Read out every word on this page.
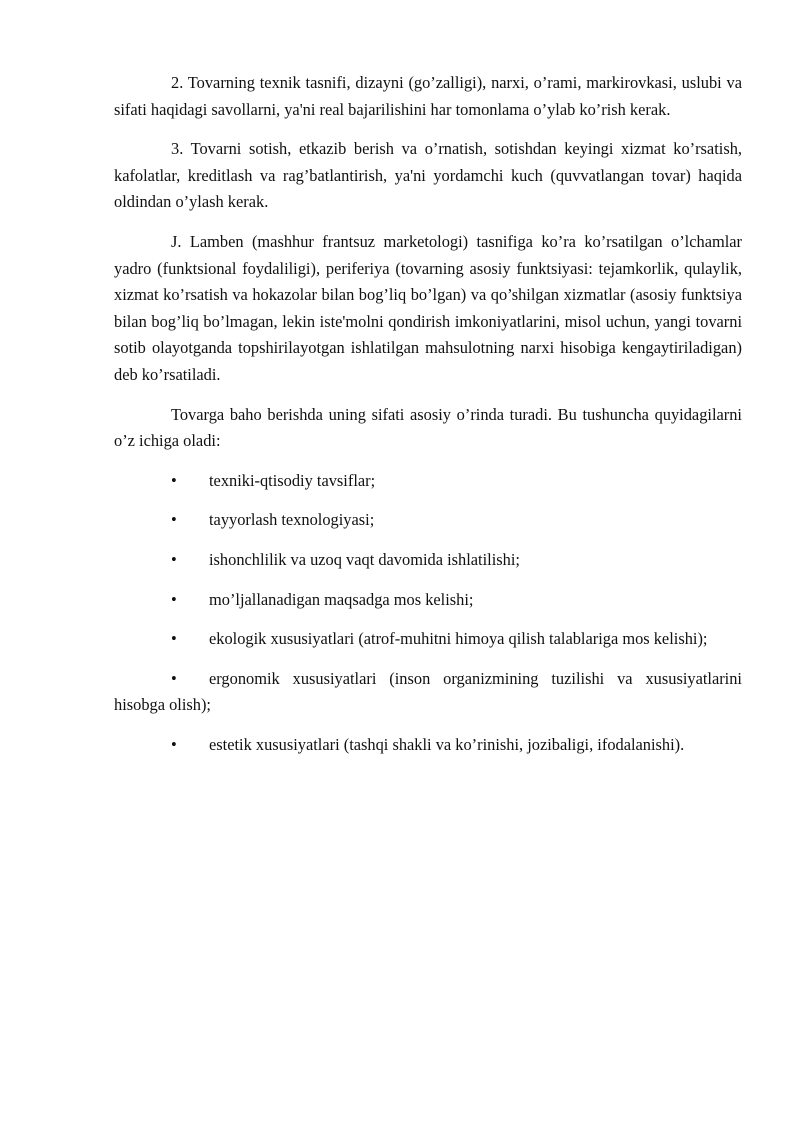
2. Tovarning texnik tasnifi, dizayni (go’zalligi), narxi, o’rami, markirovkasi, uslubi va sifati haqidagi savollarni, ya'ni real bajarilishini har tomonlama o’ylab ko’rish kerak.

3. Tovarni sotish, etkazib berish va o’rnatish, sotishdan keyingi xizmat ko’rsatish, kafolatlar, kreditlash va rag’batlantirish, ya'ni yordamchi kuch (quvvatlangan tovar) haqida oldindan o’ylash kerak.

J. Lamben (mashhur frantsuz marketologi) tasnifiga ko’ra ko’rsatilgan o’lchamlar yadro (funktsional foydaliligi), periferiya (tovarning asosiy funktsiyasi: tejamkorlik, qulaylik, xizmat ko’rsatish va hokazolar bilan bog’liq bo’lgan) va qo’shilgan xizmatlar (asosiy funktsiya bilan bog’liq bo’lmagan, lekin iste'molni qondirish imkoniyatlarini, misol uchun, yangi tovarni sotib olayotganda topshirilayotgan ishlatilgan mahsulotning narxi hisobiga kengaytiriladigan) deb ko’rsatiladi.

Tovarga baho berishda uning sifati asosiy o’rinda turadi. Bu tushuncha quyidagilarni o’z ichiga oladi:

• texniki-qtisodiy tavsiflar;

• tayyorlash texnologiyasi;

• ishonchlilik va uzoq vaqt davomida ishlatilishi;

• mo’ljallanadigan maqsadga mos kelishi;

• ekologik xususiyatlari (atrof-muhitni himoya qilish talablariga mos kelishi);

• ergonomik xususiyatlari (inson organizmining tuzilishi va xususiyatlarini hisobga olish);

• estetik xususiyatlari (tashqi shakli va ko’rinishi, jozibaligi, ifodalanishi).
